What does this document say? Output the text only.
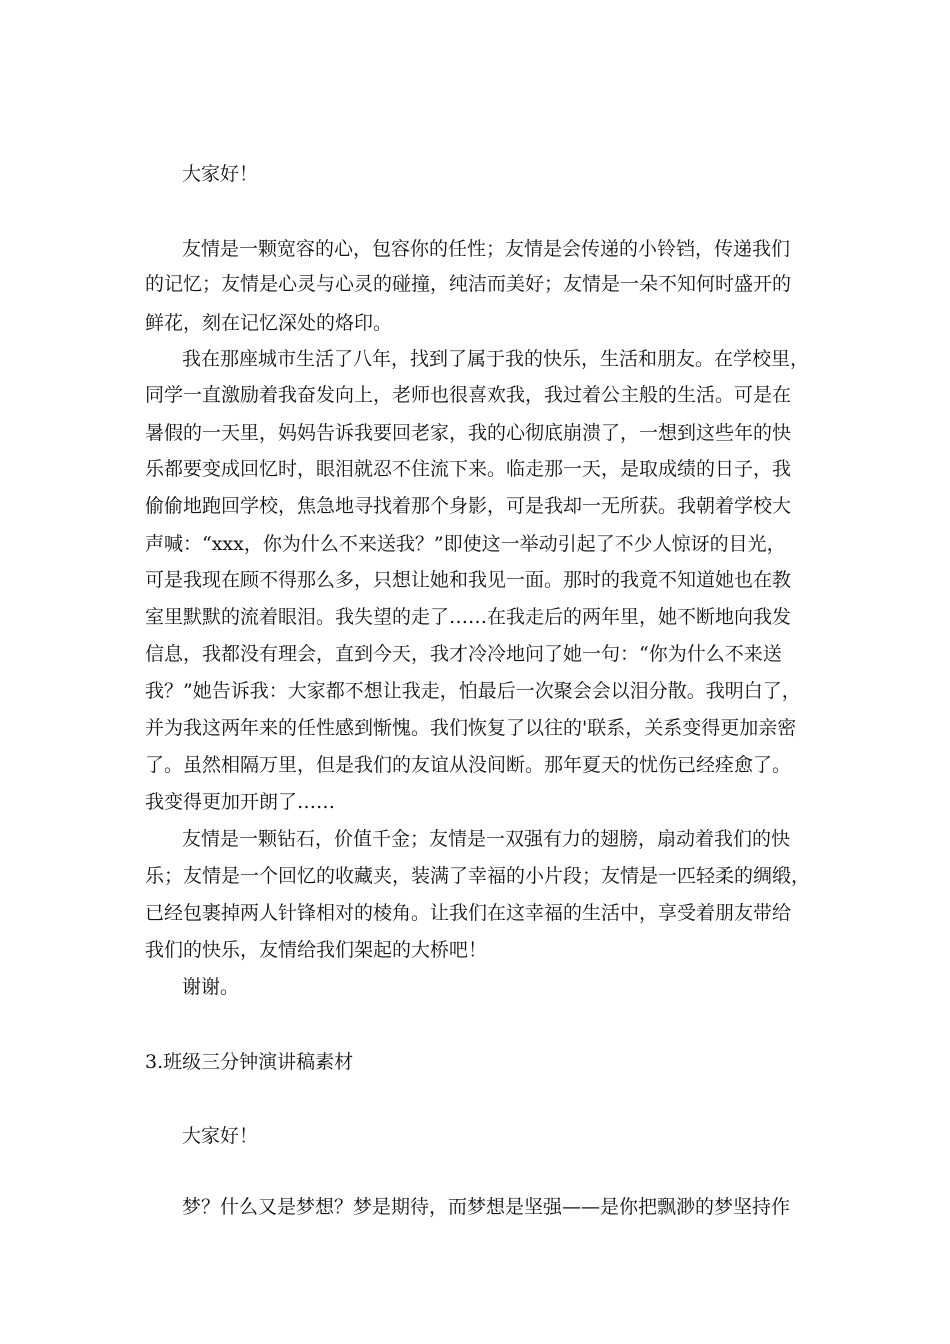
大家好！

友情是一颗宽容的心，包容你的任性；友情是会传递的小铃铛，传递我们

的记忆；友情是心灵与心灵的碰撞，纯洁而美好；友情是一朵不知何时盛开的

鲜花，刻在记忆深处的烙印。

我在那座城市生活了八年，找到了属于我的快乐，生活和朋友。在学校里，

同学一直激励着我奋发向上，老师也很喜欢我，我过着公主般的生活。可是在

暑假的一天里，妈妈告诉我要回老家，我的心彻底崩溃了，一想到这些年的快

乐都要变成回忆时，眼泪就忍不住流下来。临走那一天，是取成绩的日子，我

偷偷地跑回学校，焦急地寻找着那个身影，可是我却一无所获。我朝着学校大

声喊：“xxx，你为什么不来送我？”即使这一举动引起了不少人惊讶的目光，

可是我现在顾不得那么多，只想让她和我见一面。那时的我竟不知道她也在教

室里默默的流着眼泪。我失望的走了……在我走后的两年里，她不断地向我发

信息，我都没有理会，直到今天，我才冷冷地问了她一句：“你为什么不来送

我？”她告诉我：大家都不想让我走，怕最后一次聚会会以泪分散。我明白了，

并为我这两年来的任性感到惭愧。我们恢复了以往的'联系，关系变得更加亲密

了。虽然相隔万里，但是我们的友谊从没间断。那年夏天的忧伤已经痊愈了。

我变得更加开朗了……

友情是一颗钻石，价值千金；友情是一双强有力的翅膀，扇动着我们的快

乐；友情是一个回忆的收藏夹，装满了幸福的小片段；友情是一匹轻柔的绸缎，

已经包裹掉两人针锋相对的棱角。让我们在这幸福的生活中，享受着朋友带给

我们的快乐，友情给我们架起的大桥吧！

谢谢。

3.班级三分钟演讲稿素材

大家好！

梦？什么又是梦想？梦是期待，而梦想是坚强——是你把飘渺的梦坚持作
